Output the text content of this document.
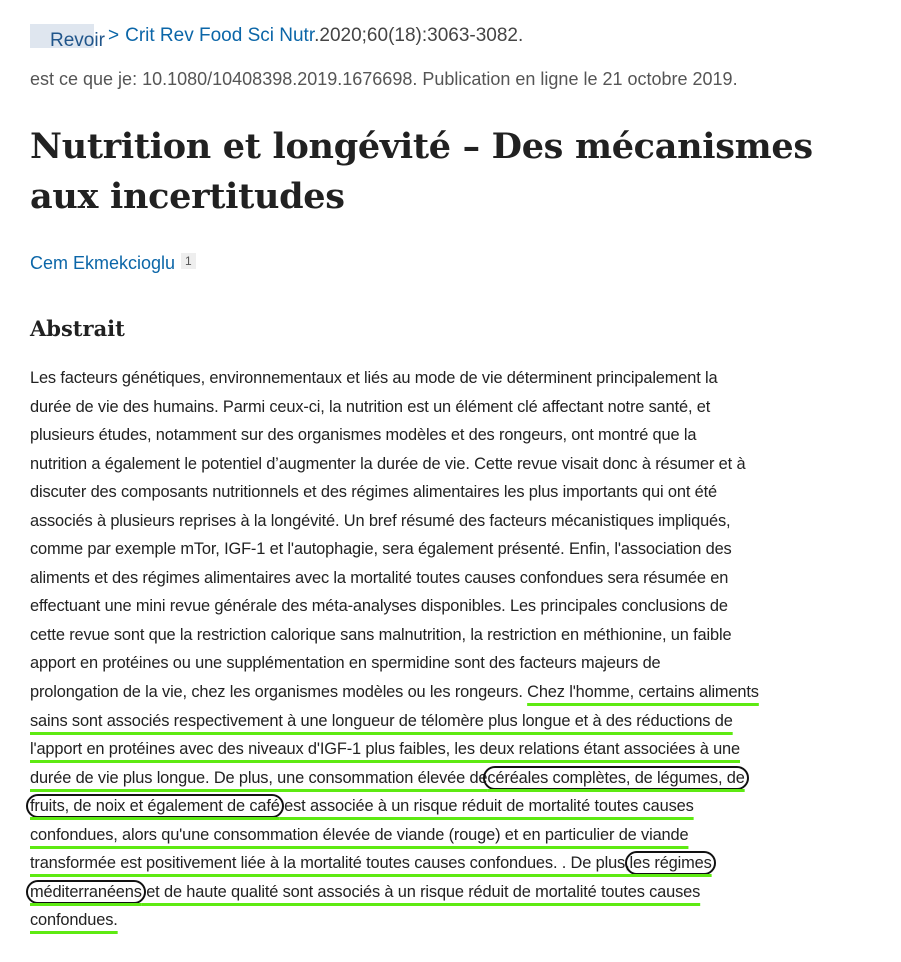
Revoir > Crit Rev Food Sci Nutr.2020;60(18):3063-3082.
est ce que je: 10.1080/10408398.2019.1676698. Publication en ligne le 21 octobre 2019.
Nutrition et longévité – Des mécanismes aux incertitudes
Cem Ekmekcioglu $^1$
Abstrait
Les facteurs génétiques, environnementaux et liés au mode de vie déterminent principalement la
durée de vie des humains. Parmi ceux-ci, la nutrition est un élément clé affectant notre santé, et
plusieurs études, notamment sur des organismes modèles et des rongeurs, ont montré que la
nutrition a également le potentiel d’augmenter la durée de vie. Cette revue visait donc à résumer et à
discuter des composants nutritionnels et des régimes alimentaires les plus importants qui ont été
associés à plusieurs reprises à la longévité. Un bref résumé des facteurs mécanistiques impliqués,
comme par exemple mTor, IGF-1 et l'autophagie, sera également présenté. Enfin, l'association des
aliments et des régimes alimentaires avec la mortalité toutes causes confondues sera résumée en
effectuant une mini revue générale des méta-analyses disponibles. Les principales conclusions de
cette revue sont que la restriction calorique sans malnutrition, la restriction en méthionine, un faible
apport en protéines ou une supplémentation en spermidine sont des facteurs majeurs de
prolongation de la vie, chez les organismes modèles ou les rongeurs. Chez l'homme, certains aliments
sains sont associés respectivement à une longueur de télomère plus longue et à des réductions de
l'apport en protéines avec des niveaux d'IGF-1 plus faibles, les deux relations étant associées à une
durée de vie plus longue. De plus, une consommation élevée decéréales complètes, de légumes, de
fruits, de noix et également de café est associée à un risque réduit de mortalité toutes causes
confondues, alors qu'une consommation élevée de viande (rouge) et en particulier de viande
transformée est positivement liée à la mortalité toutes causes confondues. . De plus,les régimes
méditerranéens et de haute qualité sont associés à un risque réduit de mortalité toutes causes
confondues.
